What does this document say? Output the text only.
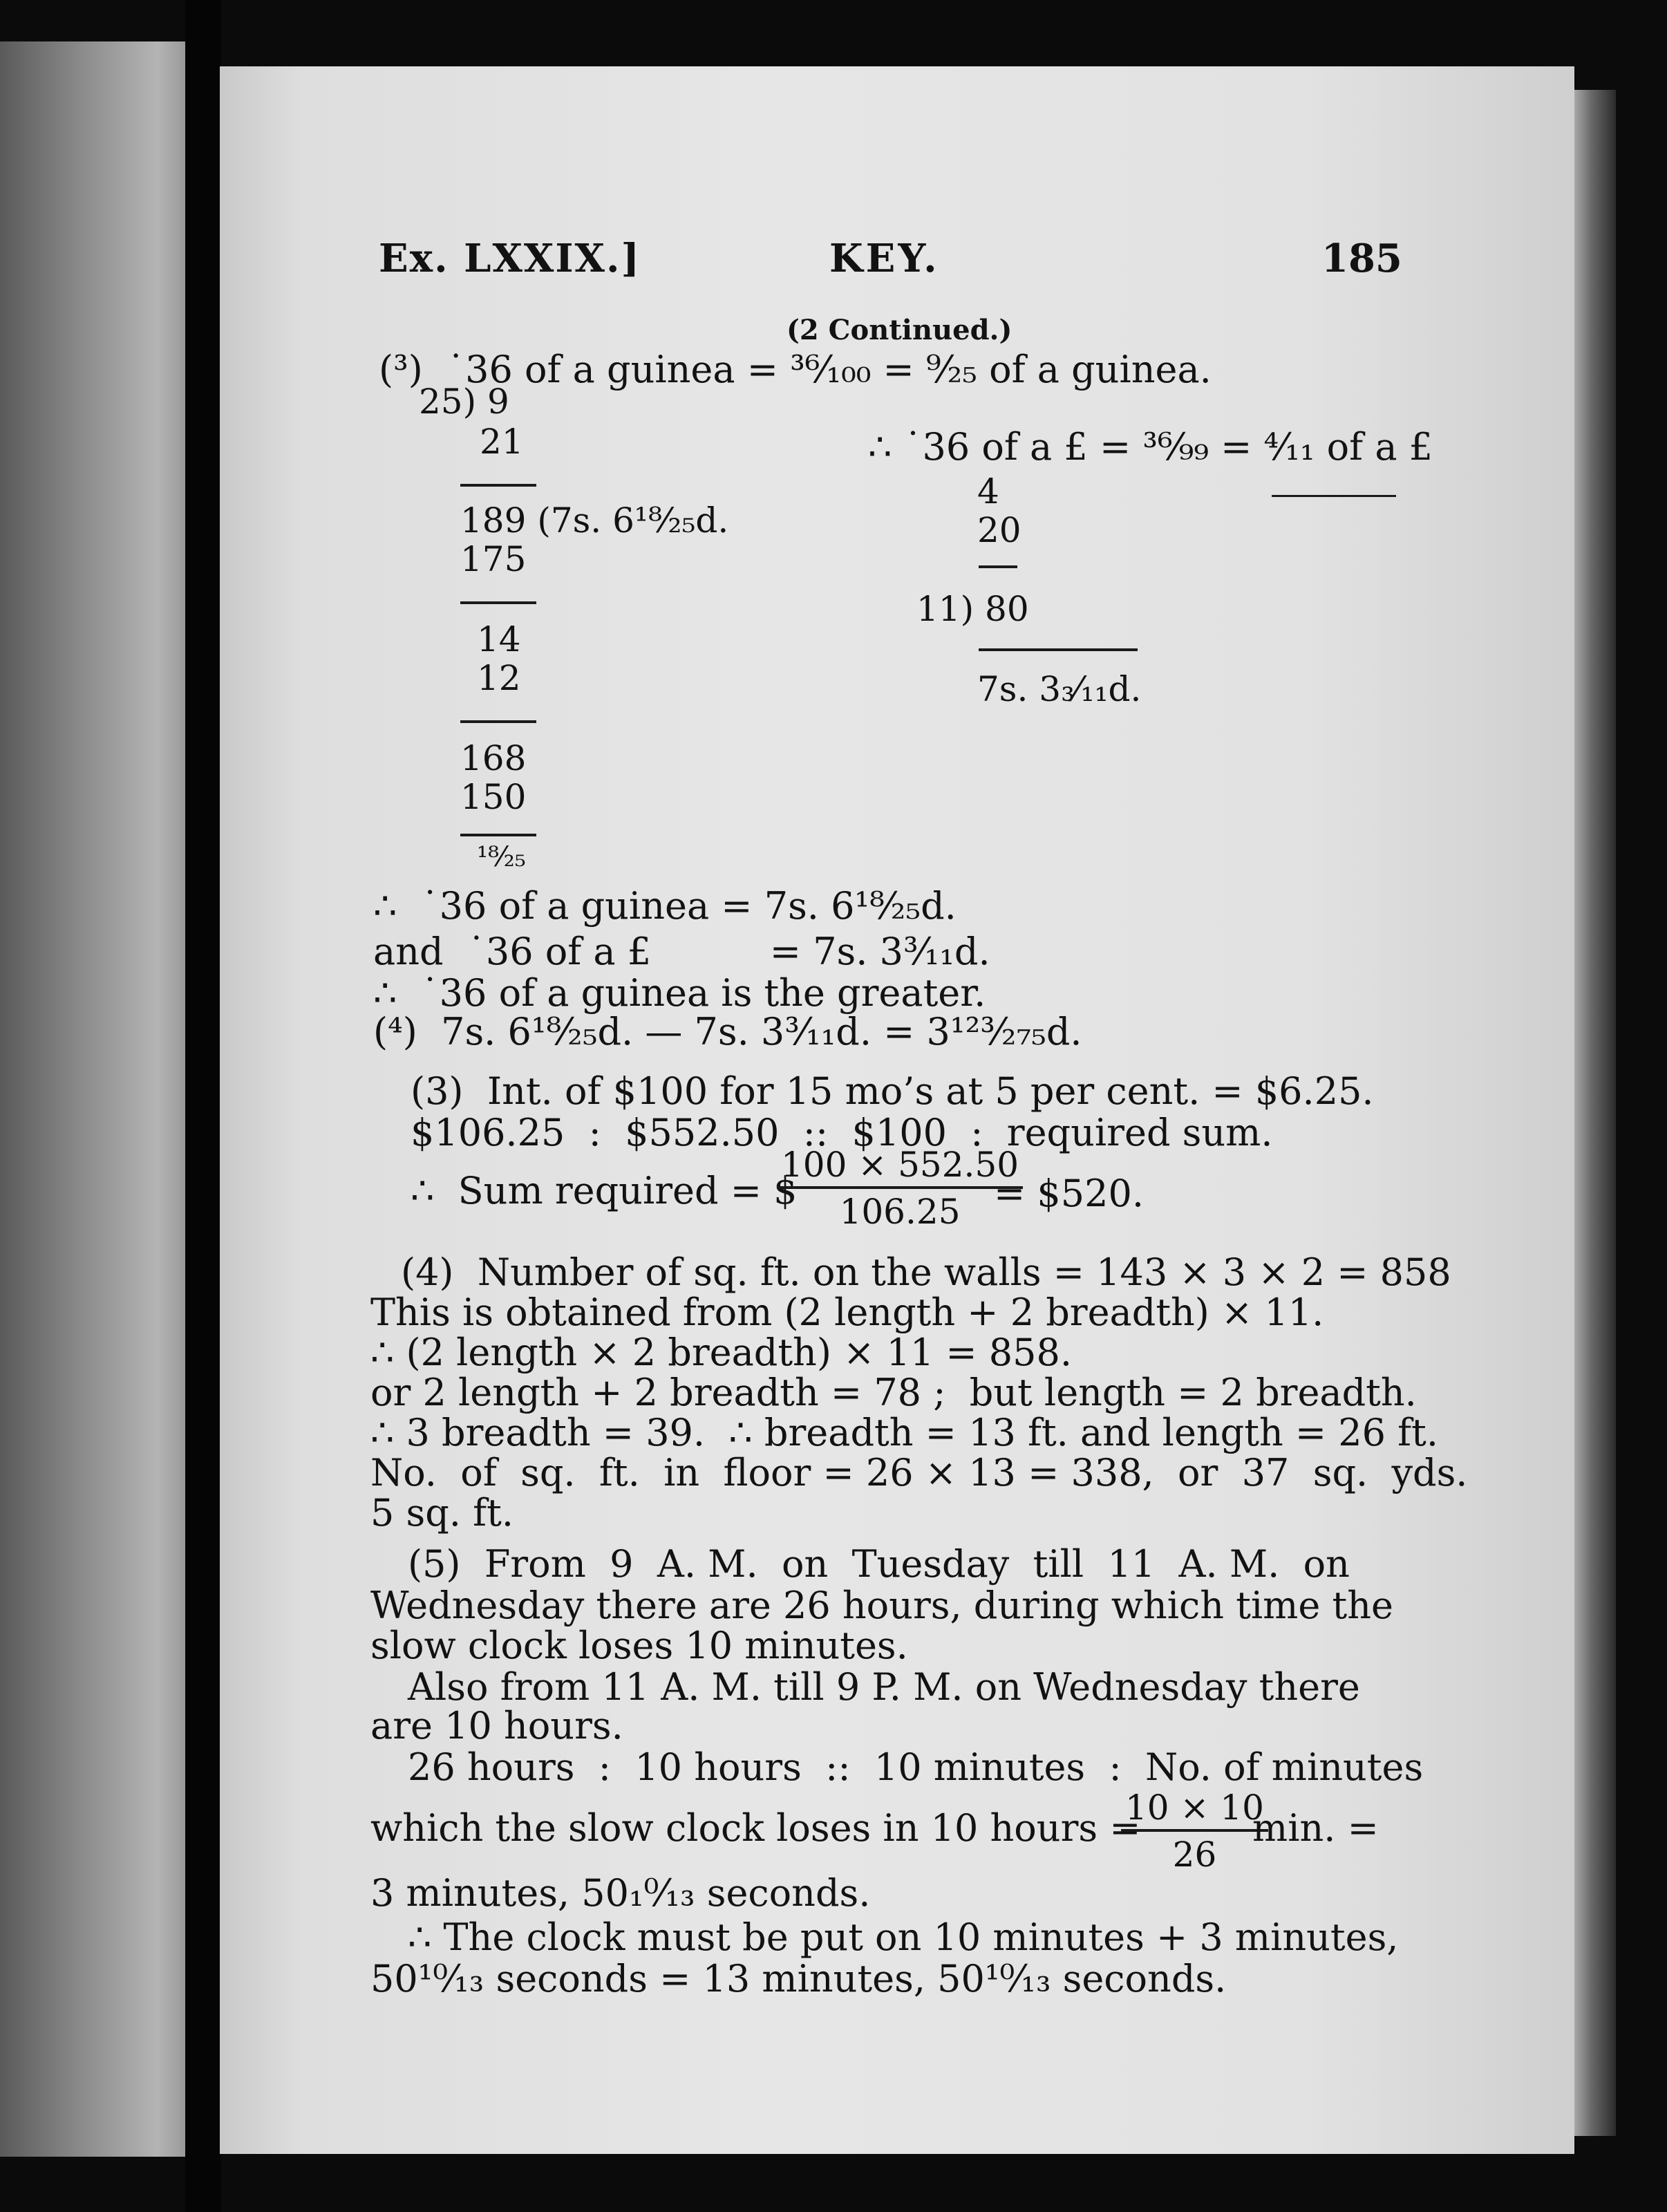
Ex. LXXIX.]	KEY.	185
(2 Continued.)
(³)  ˙36 of a guinea = ³⁶⁄₁₀₀ = ⁹⁄₂₅ of a guinea.
25) 9
21
189 (7s. 6¹⁸⁄₂₅d.
175
14
12
168
150
¹⁸⁄₂₅
∴ ˙36 of a £ = ³⁶⁄₉₉ = ⁴⁄₁₁ of a £
4
20
11) 80
7s. 3₃⁄₁₁d.
∴  ˙36 of a guinea = 7s. 6¹⁸⁄₂₅d.
and  ˙36 of a £          = 7s. 3³⁄₁₁d.
∴  ˙36 of a guinea is the greater.
(⁴)  7s. 6¹⁸⁄₂₅d. — 7s. 3³⁄₁₁d. = 3¹²³⁄₂₇₅d.
(3)  Int. of $100 for 15 mo’s at 5 per cent. = $6.25.
$106.25  :  $552.50  ::  $100  :  required sum.
∴  Sum required = $
$\frac{100 \times 552.50}{106.25}$
= $520.
(4)  Number of sq. ft. on the walls = 143 × 3 × 2 = 858
This is obtained from (2 length + 2 breadth) × 11.
∴ (2 length × 2 breadth) × 11 = 858.
or 2 length + 2 breadth = 78 ;  but length = 2 breadth.
∴ 3 breadth = 39.  ∴ breadth = 13 ft. and length = 26 ft.
No.  of  sq.  ft.  in  floor = 26 × 13 = 338,  or  37  sq.  yds.
5 sq. ft.
(5)  From  9  A. M.  on  Tuesday  till  11  A. M.  on
Wednesday there are 26 hours, during which time the
slow clock loses 10 minutes.
Also from 11 A. M. till 9 P. M. on Wednesday there
are 10 hours.
26 hours  :  10 hours  ::  10 minutes  :  No. of minutes
which the slow clock loses in 10 hours =
$\frac{10 \times 10}{26}$
min. =
3 minutes, 50₁⁰⁄₁₃ seconds.
∴ The clock must be put on 10 minutes + 3 minutes,
50¹⁰⁄₁₃ seconds = 13 minutes, 50¹⁰⁄₁₃ seconds.
